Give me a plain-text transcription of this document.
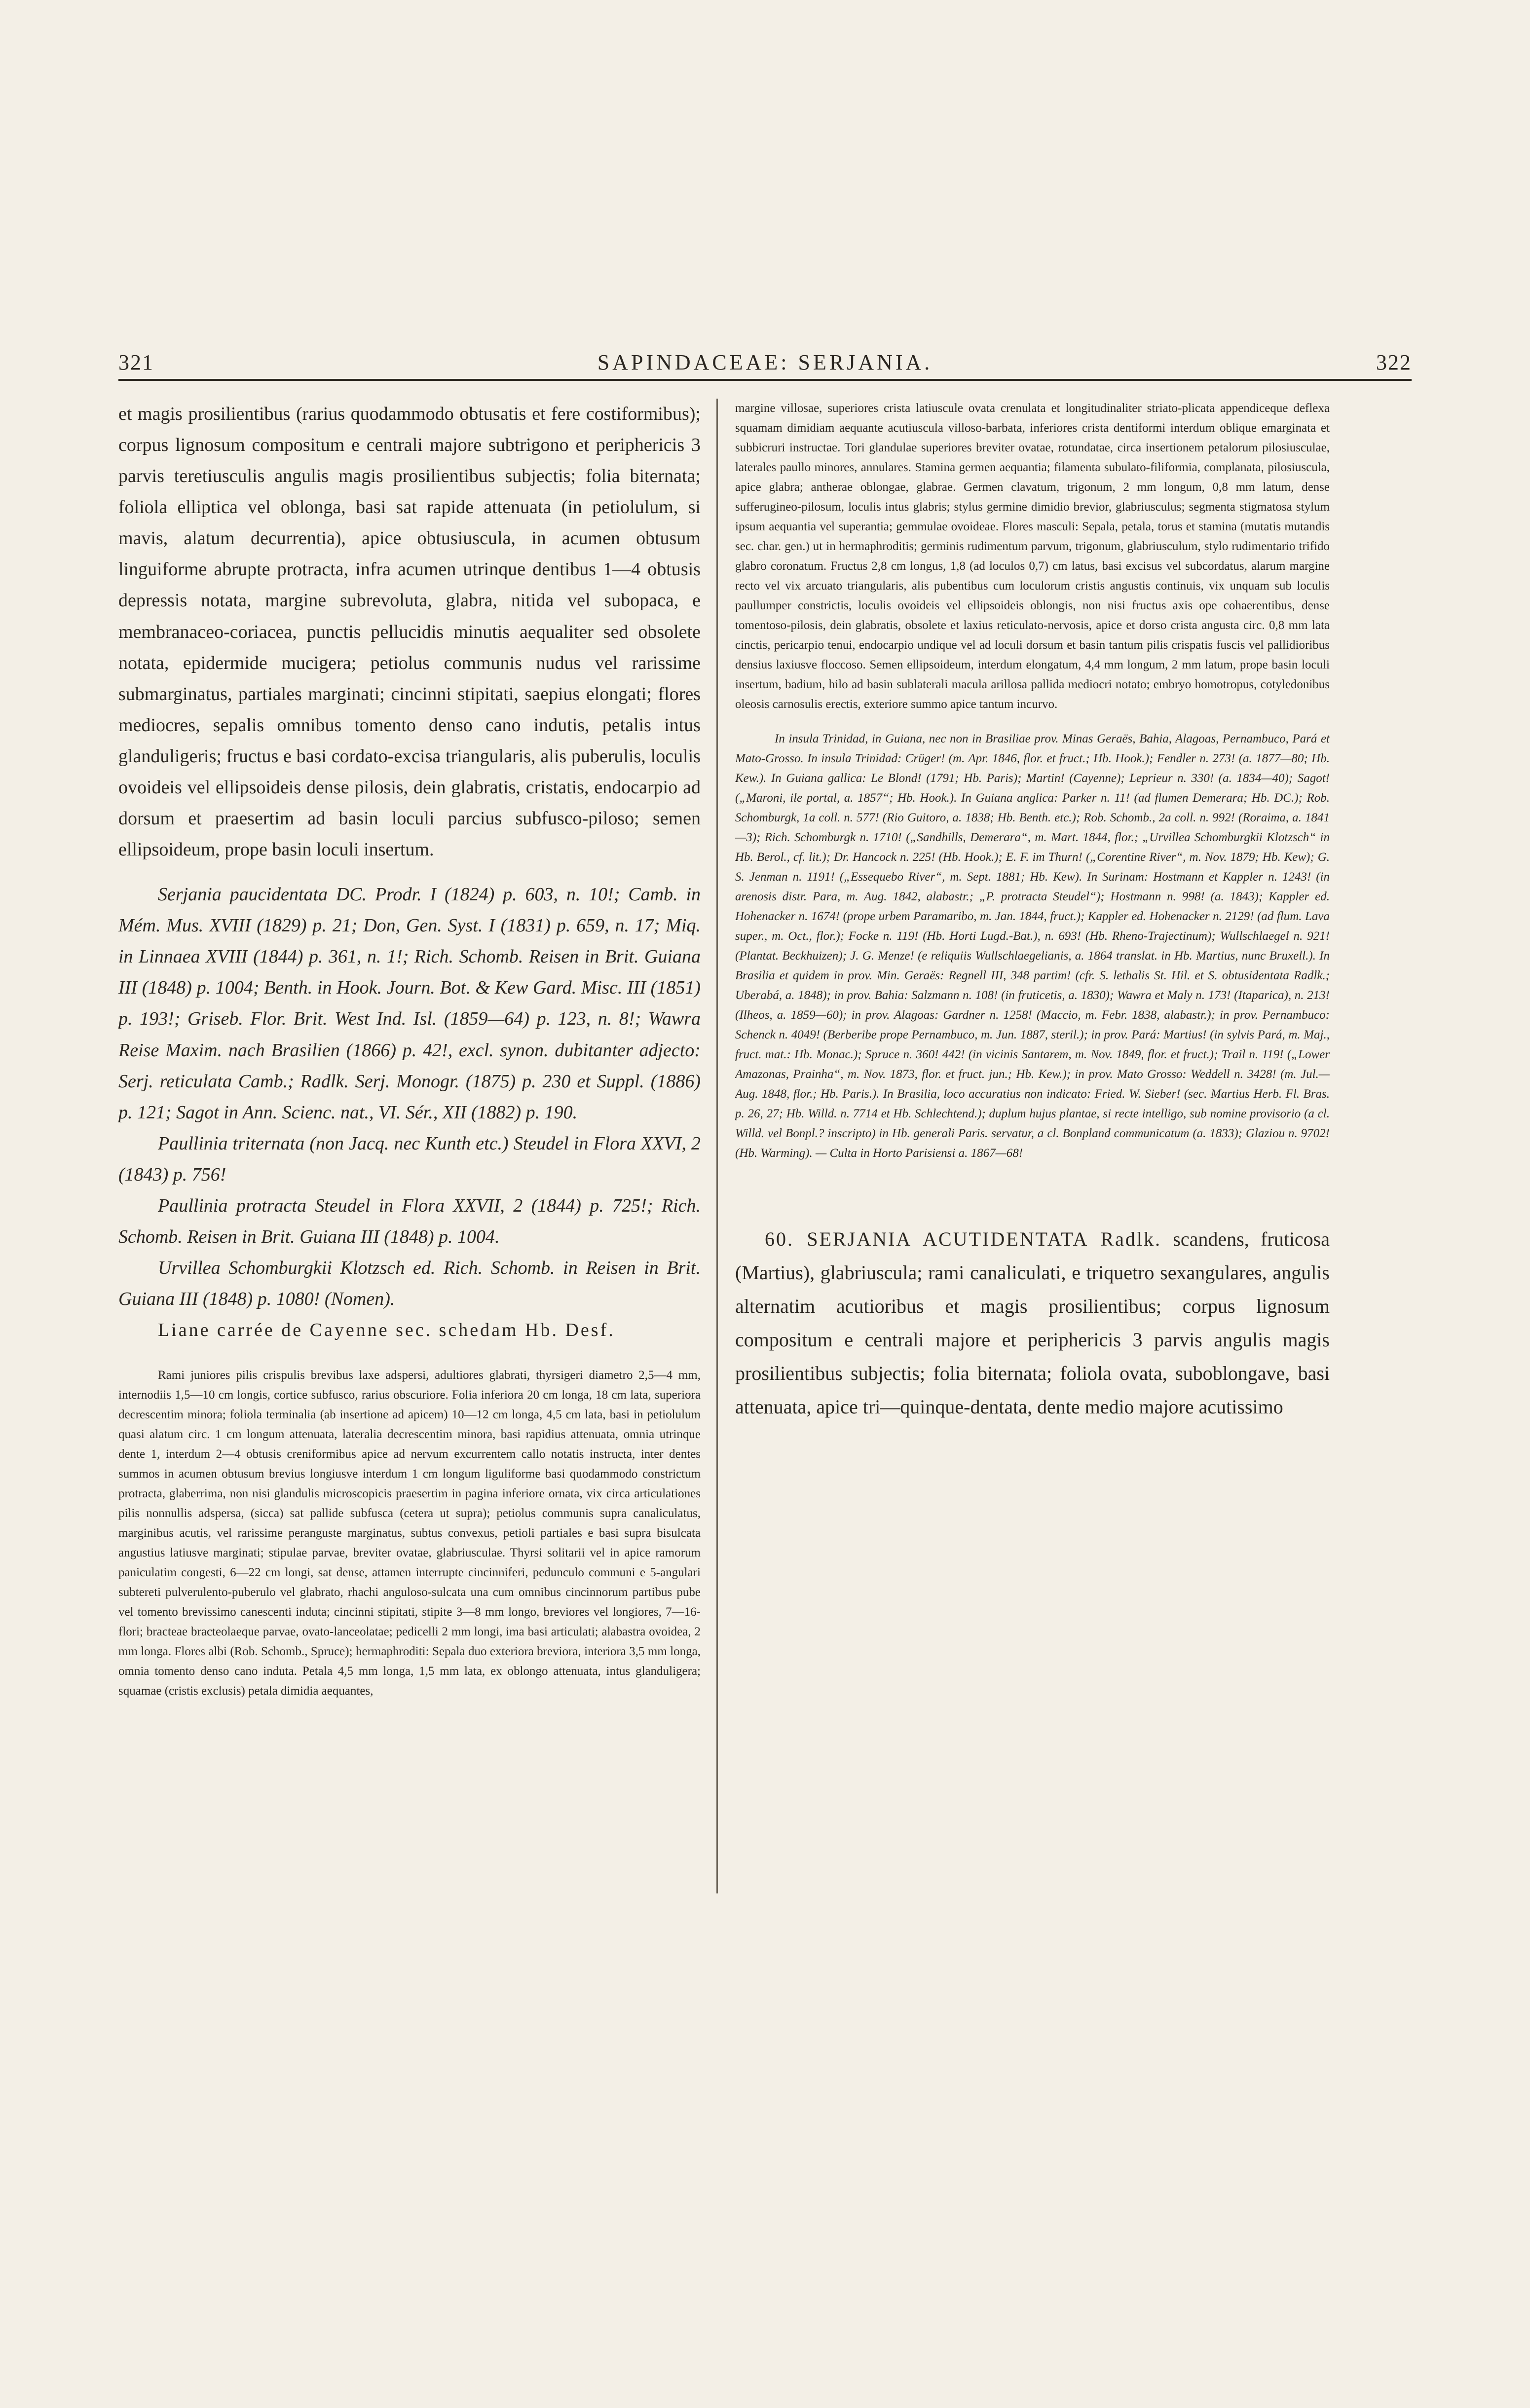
321	SAPINDACEAE: SERJANIA.	322

et magis prosilientibus (rarius quodammodo obtusatis et fere costiformibus); corpus lignosum compositum e centrali majore subtrigono et periphericis 3 parvis teretiusculis angulis magis prosilientibus subjectis; folia biternata; foliola elliptica vel oblonga, basi sat rapide attenuata (in petiolulum, si mavis, alatum decurrentia), apice obtusiuscula, in acumen obtusum linguiforme abrupte protracta, infra acumen utrinque dentibus 1—4 obtusis depressis notata, margine subrevoluta, glabra, nitida vel subopaca, e membranaceo-coriacea, punctis pellucidis minutis aequaliter sed obsolete notata, epidermide mucigera; petiolus communis nudus vel rarissime submarginatus, partiales marginati; cincinni stipitati, saepius elongati; flores mediocres, sepalis omnibus tomento denso cano indutis, petalis intus glanduligeris; fructus e basi cordato-excisa triangularis, alis puberulis, loculis ovoideis vel ellipsoideis dense pilosis, dein glabratis, cristatis, endocarpio ad dorsum et praesertim ad basin loculi parcius subfusco-piloso; semen ellipsoideum, prope basin loculi insertum.

Serjania paucidentata DC. Prodr. I (1824) p. 603, n. 10!; Camb. in Mém. Mus. XVIII (1829) p. 21; Don, Gen. Syst. I (1831) p. 659, n. 17; Miq. in Linnaea XVIII (1844) p. 361, n. 1!; Rich. Schomb. Reisen in Brit. Guiana III (1848) p. 1004; Benth. in Hook. Journ. Bot. & Kew Gard. Misc. III (1851) p. 193!; Griseb. Flor. Brit. West Ind. Isl. (1859—64) p. 123, n. 8!; Wawra Reise Maxim. nach Brasilien (1866) p. 42!, excl. synon. dubitanter adjecto: Serj. reticulata Camb.; Radlk. Serj. Monogr. (1875) p. 230 et Suppl. (1886) p. 121; Sagot in Ann. Scienc. nat., VI. Sér., XII (1882) p. 190.

Paullinia triternata (non Jacq. nec Kunth etc.) Steudel in Flora XXVI, 2 (1843) p. 756!

Paullinia protracta Steudel in Flora XXVII, 2 (1844) p. 725!; Rich. Schomb. Reisen in Brit. Guiana III (1848) p. 1004.

Urvillea Schomburgkii Klotzsch ed. Rich. Schomb. in Reisen in Brit. Guiana III (1848) p. 1080! (Nomen).

Liane carrée de Cayenne sec. schedam Hb. Desf.

Rami juniores pilis crispulis brevibus laxe adspersi, adultiores glabrati, thyrsigeri diametro 2,5—4 mm, internodiis 1,5—10 cm longis, cortice subfusco, rarius obscuriore. Folia inferiora 20 cm longa, 18 cm lata, superiora decrescentim minora; foliola terminalia (ab insertione ad apicem) 10—12 cm longa, 4,5 cm lata, basi in petiolulum quasi alatum circ. 1 cm longum attenuata, lateralia decrescentim minora, basi rapidius attenuata, omnia utrinque dente 1, interdum 2—4 obtusis creniformibus apice ad nervum excurrentem callo notatis instructa, inter dentes summos in acumen obtusum brevius longiusve interdum 1 cm longum liguliforme basi quodammodo constrictum protracta, glaberrima, non nisi glandulis microscopicis praesertim in pagina inferiore ornata, vix circa articulationes pilis nonnullis adspersa, (sicca) sat pallide subfusca (cetera ut supra); petiolus communis supra canaliculatus, marginibus acutis, vel rarissime peranguste marginatus, subtus convexus, petioli partiales e basi supra bisulcata angustius latiusve marginati; stipulae parvae, breviter ovatae, glabriusculae. Thyrsi solitarii vel in apice ramorum paniculatim congesti, 6—22 cm longi, sat dense, attamen interrupte cincinniferi, pedunculo communi e 5-angulari subtereti pulverulento-puberulo vel glabrato, rhachi anguloso-sulcata una cum omnibus cincinnorum partibus pube vel tomento brevissimo canescenti induta; cincinni stipitati, stipite 3—8 mm longo, breviores vel longiores, 7—16-flori; bracteae bracteolaeque parvae, ovato-lanceolatae; pedicelli 2 mm longi, ima basi articulati; alabastra ovoidea, 2 mm longa. Flores albi (Rob. Schomb., Spruce); hermaphroditi: Sepala duo exteriora breviora, interiora 3,5 mm longa, omnia tomento denso cano induta. Petala 4,5 mm longa, 1,5 mm lata, ex oblongo attenuata, intus glanduligera; squamae (cristis exclusis) petala dimidia aequantes,

margine villosae, superiores crista latiuscule ovata crenulata et longitudinaliter striato-plicata appendiceque deflexa squamam dimidiam aequante acutiuscula villoso-barbata, inferiores crista dentiformi interdum oblique emarginata et subbicruri instructae. Tori glandulae superiores breviter ovatae, rotundatae, circa insertionem petalorum pilosiusculae, laterales paullo minores, annulares. Stamina germen aequantia; filamenta subulato-filiformia, complanata, pilosiuscula, apice glabra; antherae oblongae, glabrae. Germen clavatum, trigonum, 2 mm longum, 0,8 mm latum, dense sufferugineo-pilosum, loculis intus glabris; stylus germine dimidio brevior, glabriusculus; segmenta stigmatosa stylum ipsum aequantia vel superantia; gemmulae ovoideae. Flores masculi: Sepala, petala, torus et stamina (mutatis mutandis sec. char. gen.) ut in hermaphroditis; germinis rudimentum parvum, trigonum, glabriusculum, stylo rudimentario trifido glabro coronatum. Fructus 2,8 cm longus, 1,8 (ad loculos 0,7) cm latus, basi excisus vel subcordatus, alarum margine recto vel vix arcuato triangularis, alis pubentibus cum loculorum cristis angustis continuis, vix unquam sub loculis paullumper constrictis, loculis ovoideis vel ellipsoideis oblongis, non nisi fructus axis ope cohaerentibus, dense tomentoso-pilosis, dein glabratis, obsolete et laxius reticulato-nervosis, apice et dorso crista angusta circ. 0,8 mm lata cinctis, pericarpio tenui, endocarpio undique vel ad loculi dorsum et basin tantum pilis crispatis fuscis vel pallidioribus densius laxiusve floccoso. Semen ellipsoideum, interdum elongatum, 4,4 mm longum, 2 mm latum, prope basin loculi insertum, badium, hilo ad basin sublaterali macula arillosa pallida mediocri notato; embryo homotropus, cotyledonibus oleosis carnosulis erectis, exteriore summo apice tantum incurvo.

In insula Trinidad, in Guiana, nec non in Brasiliae prov. Minas Geraës, Bahia, Alagoas, Pernambuco, Pará et Mato-Grosso. In insula Trinidad: Crüger! (m. Apr. 1846, flor. et fruct.; Hb. Hook.); Fendler n. 273! (a. 1877—80; Hb. Kew.). In Guiana gallica: Le Blond! (1791; Hb. Paris); Martin! (Cayenne); Leprieur n. 330! (a. 1834—40); Sagot! („Maroni, ile portal, a. 1857“; Hb. Hook.). In Guiana anglica: Parker n. 11! (ad flumen Demerara; Hb. DC.); Rob. Schomburgk, 1a coll. n. 577! (Rio Guitoro, a. 1838; Hb. Benth. etc.); Rob. Schomb., 2a coll. n. 992! (Roraima, a. 1841—3); Rich. Schomburgk n. 1710! („Sandhills, Demerara“, m. Mart. 1844, flor.; „Urvillea Schomburgkii Klotzsch“ in Hb. Berol., cf. lit.); Dr. Hancock n. 225! (Hb. Hook.); E. F. im Thurn! („Corentine River“, m. Nov. 1879; Hb. Kew); G. S. Jenman n. 1191! („Essequebo River“, m. Sept. 1881; Hb. Kew). In Surinam: Hostmann et Kappler n. 1243! (in arenosis distr. Para, m. Aug. 1842, alabastr.; „P. protracta Steudel“); Hostmann n. 998! (a. 1843); Kappler ed. Hohenacker n. 1674! (prope urbem Paramaribo, m. Jan. 1844, fruct.); Kappler ed. Hohenacker n. 2129! (ad flum. Lava super., m. Oct., flor.); Focke n. 119! (Hb. Horti Lugd.-Bat.), n. 693! (Hb. Rheno-Trajectinum); Wullschlaegel n. 921! (Plantat. Beckhuizen); J. G. Menze! (e reliquiis Wullschlaegelianis, a. 1864 translat. in Hb. Martius, nunc Bruxell.). In Brasilia et quidem in prov. Min. Geraës: Regnell III, 348 partim! (cfr. S. lethalis St. Hil. et S. obtusidentata Radlk.; Uberabá, a. 1848); in prov. Bahia: Salzmann n. 108! (in fruticetis, a. 1830); Wawra et Maly n. 173! (Itaparica), n. 213! (Ilheos, a. 1859—60); in prov. Alagoas: Gardner n. 1258! (Maccio, m. Febr. 1838, alabastr.); in prov. Pernambuco: Schenck n. 4049! (Berberibe prope Pernambuco, m. Jun. 1887, steril.); in prov. Pará: Martius! (in sylvis Pará, m. Maj., fruct. mat.: Hb. Monac.); Spruce n. 360! 442! (in vicinis Santarem, m. Nov. 1849, flor. et fruct.); Trail n. 119! („Lower Amazonas, Prainha“, m. Nov. 1873, flor. et fruct. jun.; Hb. Kew.); in prov. Mato Grosso: Weddell n. 3428! (m. Jul.—Aug. 1848, flor.; Hb. Paris.). In Brasilia, loco accuratius non indicato: Fried. W. Sieber! (sec. Martius Herb. Fl. Bras. p. 26, 27; Hb. Willd. n. 7714 et Hb. Schlechtend.); duplum hujus plantae, si recte intelligo, sub nomine provisorio (a cl. Willd. vel Bonpl.? inscripto) in Hb. generali Paris. servatur, a cl. Bonpland communicatum (a. 1833); Glaziou n. 9702! (Hb. Warming). — Culta in Horto Parisiensi a. 1867—68!

60. SERJANIA ACUTIDENTATA Radlk. scandens, fruticosa (Martius), glabriuscula; rami canaliculati, e triquetro sexangulares, angulis alternatim acutioribus et magis prosilientibus; corpus lignosum compositum e centrali majore et periphericis 3 parvis angulis magis prosilientibus subjectis; folia biternata; foliola ovata, suboblongave, basi attenuata, apice tri—quinque-dentata, dente medio majore acutissimo
